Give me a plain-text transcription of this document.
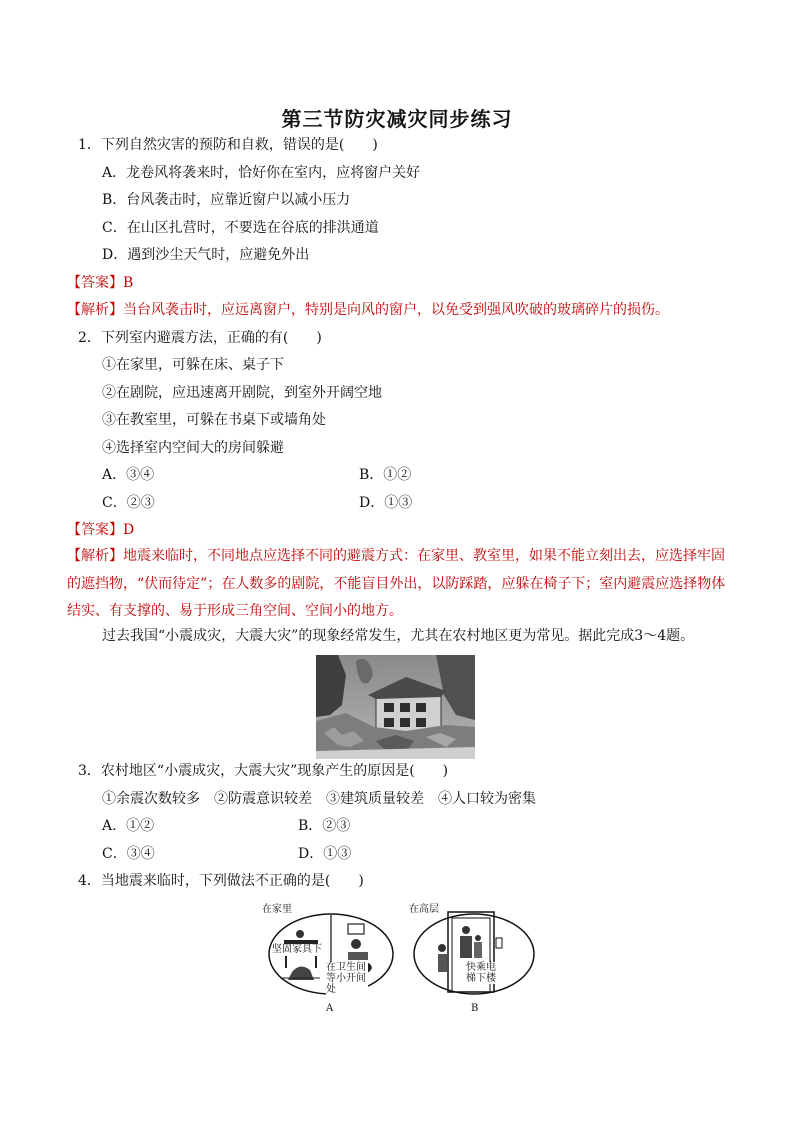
第三节防灾减灾同步练习
1．下列自然灾害的预防和自救，错误的是(　　)
A．龙卷风将袭来时，恰好你在室内，应将窗户关好
B．台风袭击时，应靠近窗户以减小压力
C．在山区扎营时，不要选在谷底的排洪通道
D．遇到沙尘天气时，应避免外出
【答案】B
【解析】当台风袭击时，应远离窗户，特别是向风的窗户，以免受到强风吹破的玻璃碎片的损伤。
2．下列室内避震方法，正确的有(　　)
①在家里，可躲在床、桌子下
②在剧院，应迅速离开剧院，到室外开阔空地
③在教室里，可躲在书桌下或墙角处
④选择室内空间大的房间躲避
A．③④	B．①②
C．②③	D．①③
【答案】D
【解析】地震来临时，不同地点应选择不同的避震方式：在家里、教室里，如果不能立刻出去，应选择牢固的遮挡物，“伏而待定”；在人数多的剧院，不能盲目外出，以防踩踏，应躲在椅子下；室内避震应选择物体结实、有支撑的、易于形成三角空间、空间小的地方。
过去我国“小震成灾，大震大灾”的现象经常发生，尤其在农村地区更为常见。据此完成3～4题。
3．农村地区“小震成灾，大震大灾”现象产生的原因是(　　)
①余震次数较多　②防震意识较差　③建筑质量较差　④人口较为密集
A．①②	B．②③
C．③④	D．①③
4．当地震来临时，下列做法不正确的是(　　)
在家里
坚固家具下
在卫生间等小开间处
A
在高层
快乘电梯下楼
B
